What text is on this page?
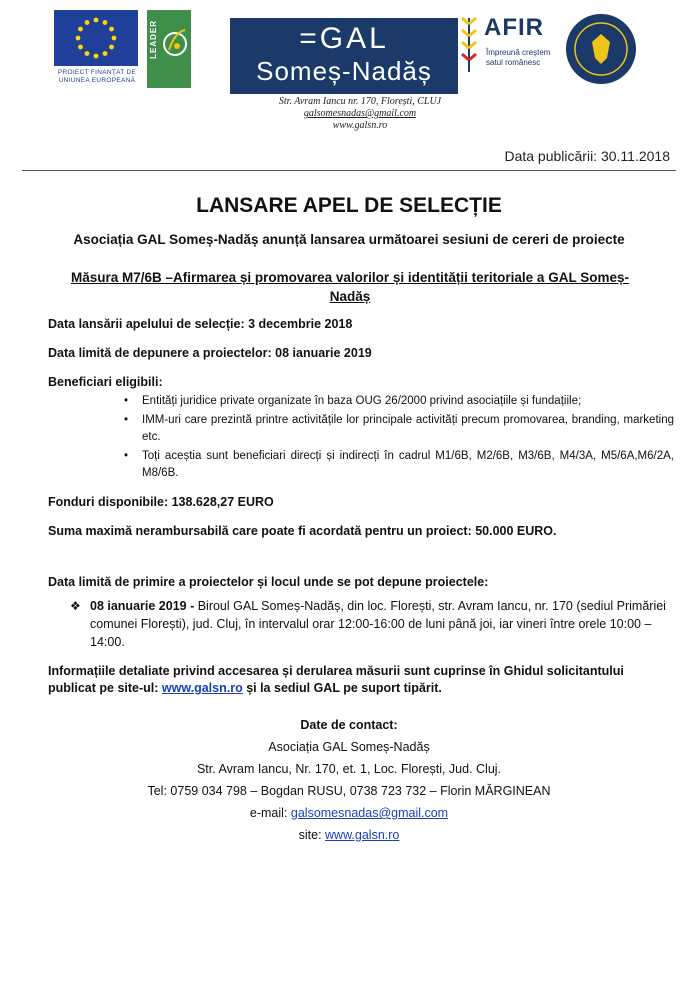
PROIECT FINANȚAT DE
UNIUNEA EUROPEANĂ
LEADER	=GAL
Someș-Nadăș
AFIR
Împreună creștem
satul românesc
Str. Avram Iancu nr. 170, Florești, CLUJ
galsomesnadas@gmail.com
www.galsn.ro
Data publicării: 30.11.2018
LANSARE APEL DE SELECȚIE
Asociația GAL Someș-Nadăș anunță lansarea următoarei sesiuni de cereri de proiecte
Măsura M7/6B –Afirmarea și promovarea valorilor și identității teritoriale a GAL Someș-Nadăș

Data lansării apelului de selecție: 3 decembrie 2018

Data limită de depunere a proiectelor: 08 ianuarie 2019

Beneficiari eligibili:

• Entități juridice private organizate în baza OUG 26/2000 privind asociațiile și fundațiile;
• IMM-uri care prezintă printre activitățile lor principale activități precum promovarea, branding, marketing etc.
• Toți aceștia sunt beneficiari direcți și indirecți în cadrul M1/6B, M2/6B, M3/6B, M4/3A, M5/6A,M6/2A, M8/6B.

Fonduri disponibile: 138.628,27 EURO

Suma maximă nerambursabilă care poate fi acordată pentru un proiect: 50.000 EURO.

Data limită de primire a proiectelor și locul unde se pot depune proiectele:

❖ 08 ianuarie 2019 - Biroul GAL Someș-Nadăș, din loc. Florești, str. Avram Iancu, nr. 170 (sediul Primăriei comunei Florești), jud. Cluj, în intervalul orar 12:00-16:00 de luni până joi, iar vineri între orele 10:00 – 14:00.

Informațiile detaliate privind accesarea și derularea măsurii sunt cuprinse în Ghidul solicitantului publicat pe site-ul: www.galsn.ro și la sediul GAL pe suport tipărit.

Date de contact:
Asociația GAL Someș-Nadăș
Str. Avram Iancu, Nr. 170, et. 1, Loc. Florești, Jud. Cluj.
Tel: 0759 034 798 – Bogdan RUSU, 0738 723 732 – Florin MĂRGINEAN
e-mail: galsomesnadas@gmail.com
site: www.galsn.ro
